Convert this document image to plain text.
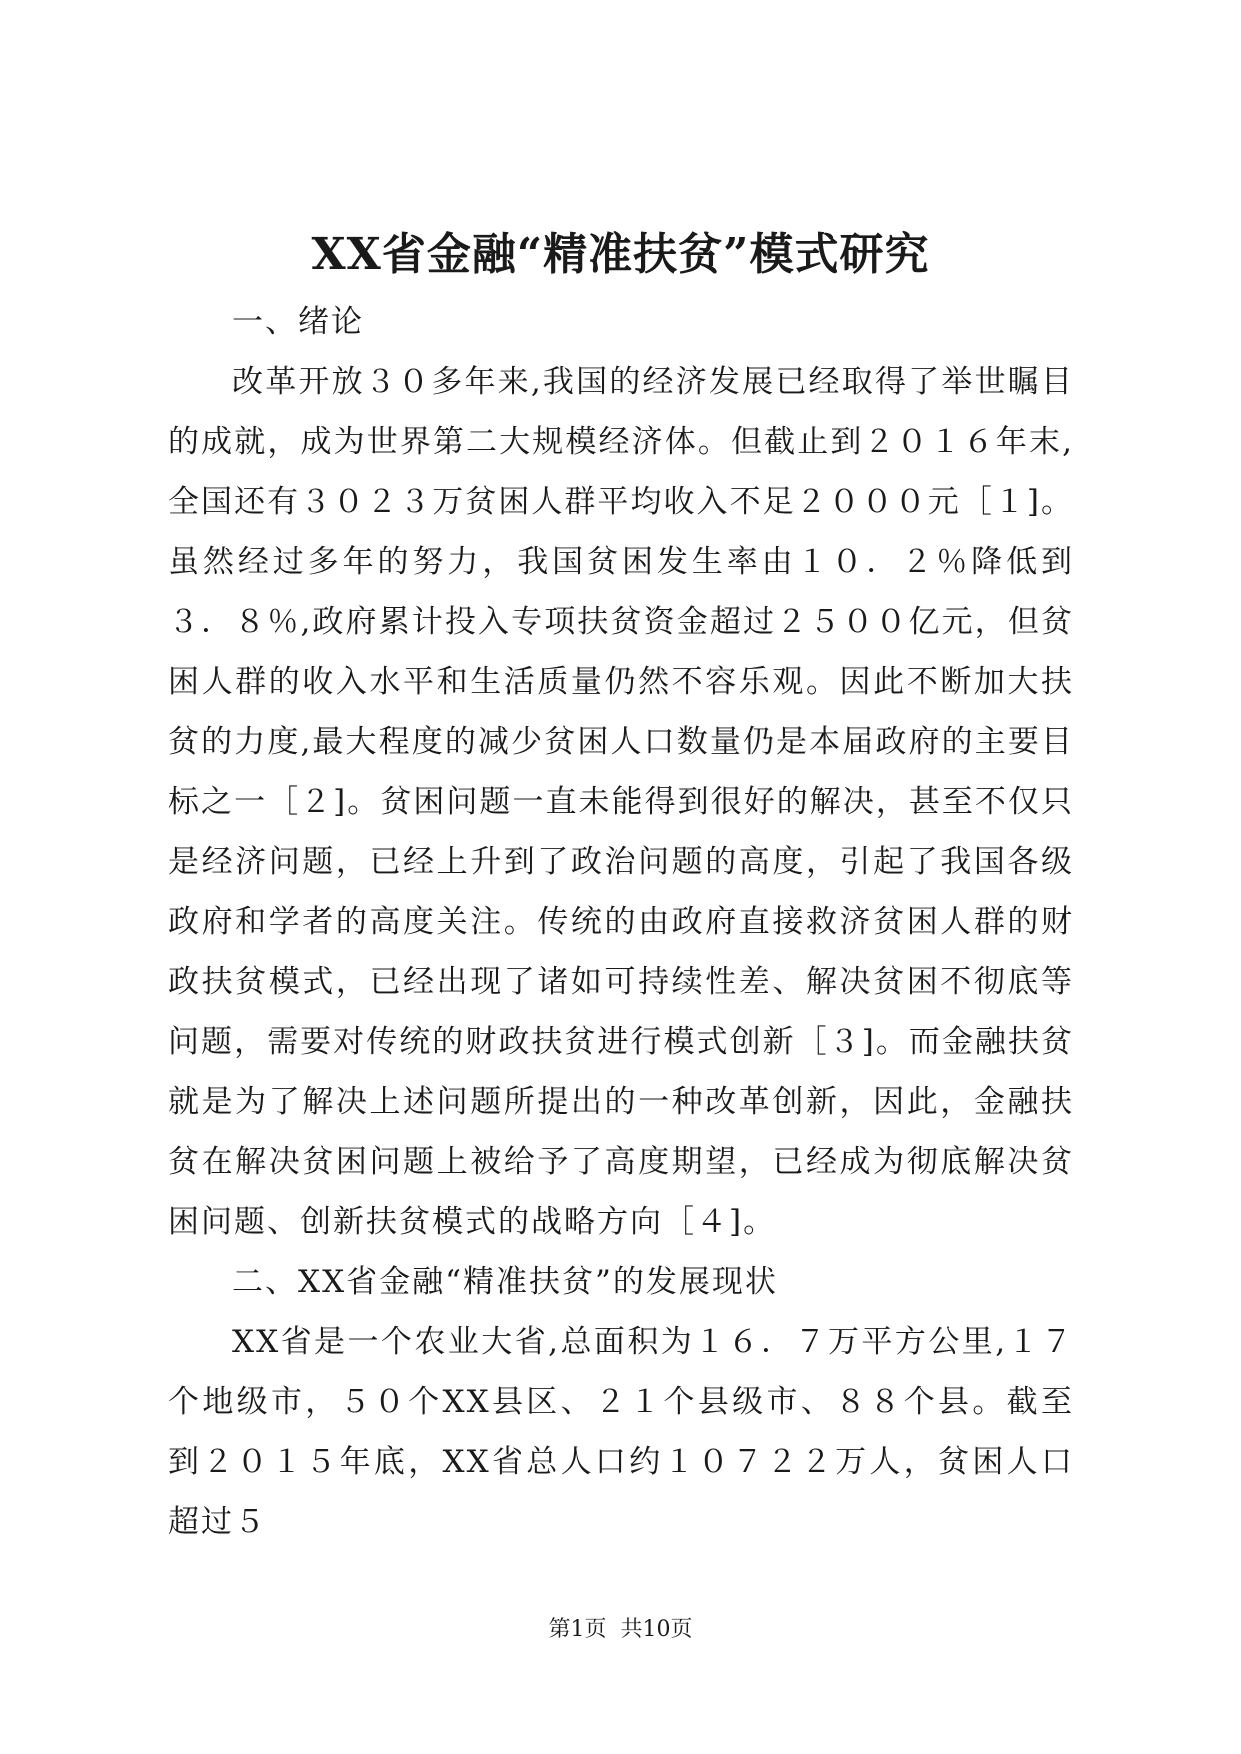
XX省金融“精准扶贫”模式研究

一、绪论

改革开放３０多年来,我国的经济发展已经取得了举世瞩目的成就，成为世界第二大规模经济体。但截止到２０１６年末,全国还有３０２３万贫困人群平均收入不足２０００元［１]。虽然经过多年的努力，我国贫困发生率由１０．２％降低到３．８％,政府累计投入专项扶贫资金超过２５００亿元，但贫困人群的收入水平和生活质量仍然不容乐观。因此不断加大扶贫的力度,最大程度的减少贫困人口数量仍是本届政府的主要目标之一［２]。贫困问题一直未能得到很好的解决，甚至不仅只是经济问题，已经上升到了政治问题的高度，引起了我国各级政府和学者的高度关注。传统的由政府直接救济贫困人群的财政扶贫模式，已经出现了诸如可持续性差、解决贫困不彻底等问题，需要对传统的财政扶贫进行模式创新［３]。而金融扶贫就是为了解决上述问题所提出的一种改革创新，因此，金融扶贫在解决贫困问题上被给予了高度期望，已经成为彻底解决贫困问题、创新扶贫模式的战略方向［４]。

二、XX省金融“精准扶贫”的发展现状

XX省是一个农业大省,总面积为１６．７万平方公里,１７个地级市，５０个XX县区、２１个县级市、８８个县。截至到２０１５年底，XX省总人口约１０７２２万人，贫困人口超过５

第1页 共10页
